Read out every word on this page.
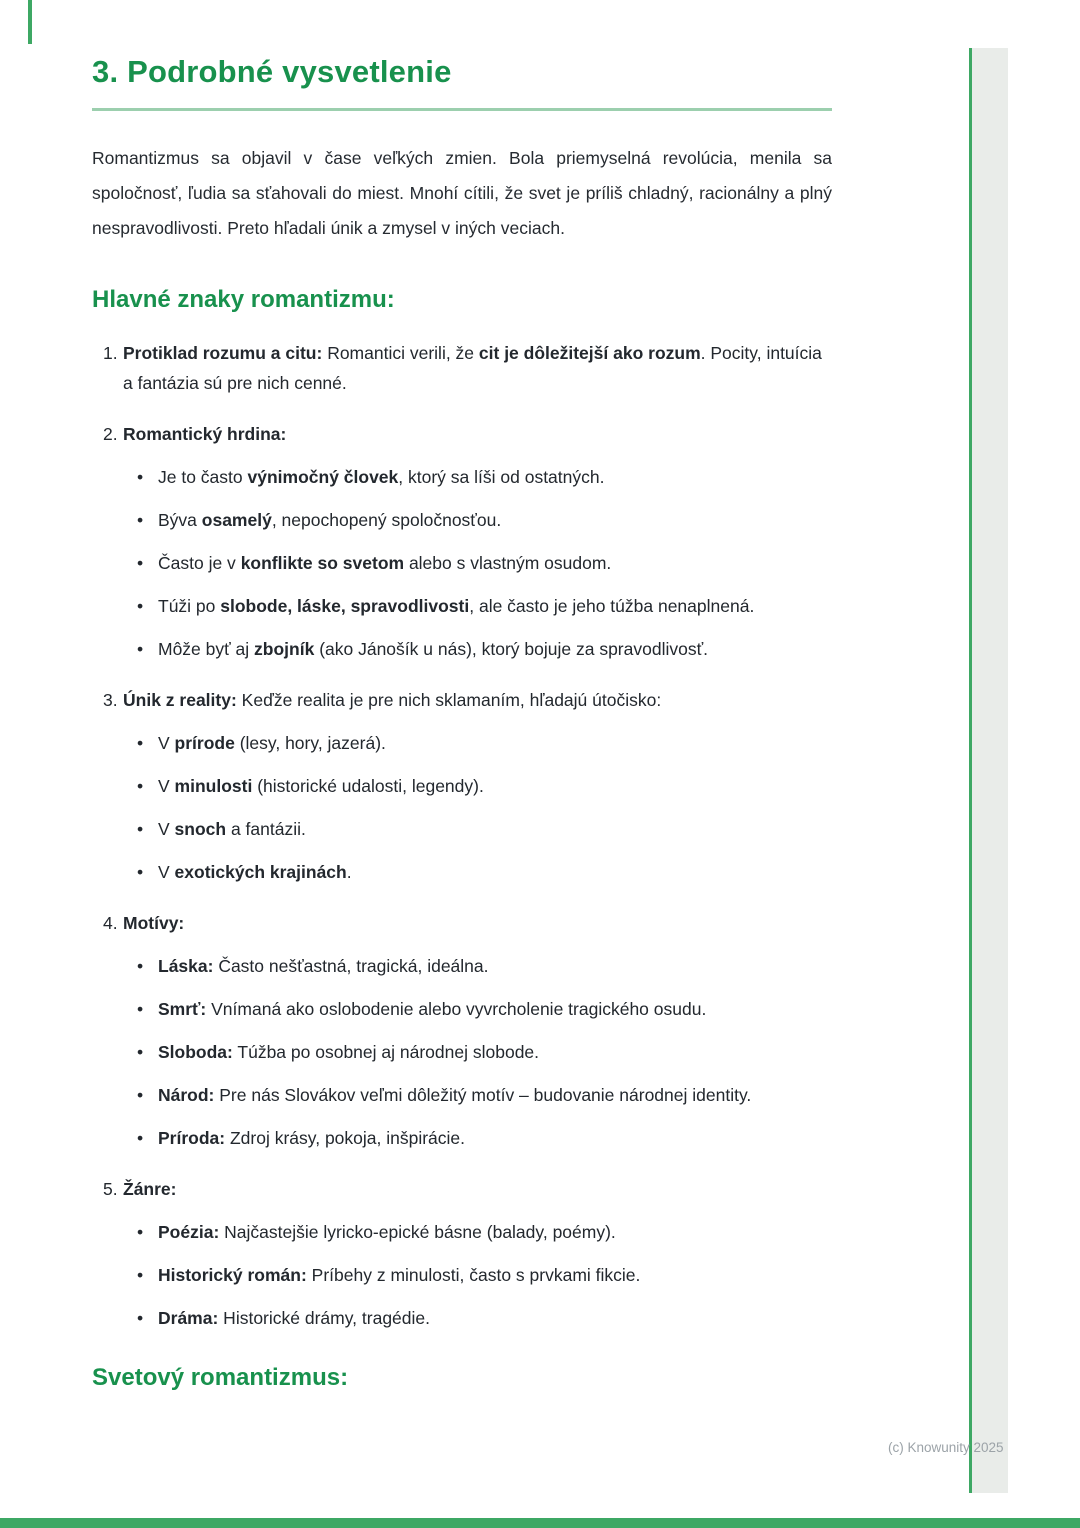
3. Podrobné vysvetlenie

Romantizmus sa objavil v čase veľkých zmien. Bola priemyselná revolúcia, menila sa spoločnosť, ľudia sa sťahovali do miest. Mnohí cítili, že svet je príliš chladný, racionálny a plný nespravodlivosti. Preto hľadali únik a zmysel v iných veciach.

Hlavné znaky romantizmu:
1. Protiklad rozumu a citu: Romantici verili, že cit je dôležitejší ako rozum. Pocity, intuícia a fantázia sú pre nich cenné.
2. Romantický hrdina:
• Je to často výnimočný človek, ktorý sa líši od ostatných.
• Býva osamelý, nepochopený spoločnosťou.
• Často je v konflikte so svetom alebo s vlastným osudom.
• Túži po slobode, láske, spravodlivosti, ale často je jeho túžba nenaplnená.
• Môže byť aj zbojník (ako Jánošík u nás), ktorý bojuje za spravodlivosť.
3. Únik z reality: Keďže realita je pre nich sklamaním, hľadajú útočisko:
• V prírode (lesy, hory, jazerá).
• V minulosti (historické udalosti, legendy).
• V snoch a fantázii.
• V exotických krajinách.
4. Motívy:
• Láska: Často nešťastná, tragická, ideálna.
• Smrť: Vnímaná ako oslobodenie alebo vyvrcholenie tragického osudu.
• Sloboda: Túžba po osobnej aj národnej slobode.
• Národ: Pre nás Slovákov veľmi dôležitý motív – budovanie národnej identity.
• Príroda: Zdroj krásy, pokoja, inšpirácie.
5. Žánre:
• Poézia: Najčastejšie lyricko-epické básne (balady, poémy).
• Historický román: Príbehy z minulosti, často s prvkami fikcie.
• Dráma: Historické drámy, tragédie.
Svetový romantizmus:
(c) Knowunity 2025
